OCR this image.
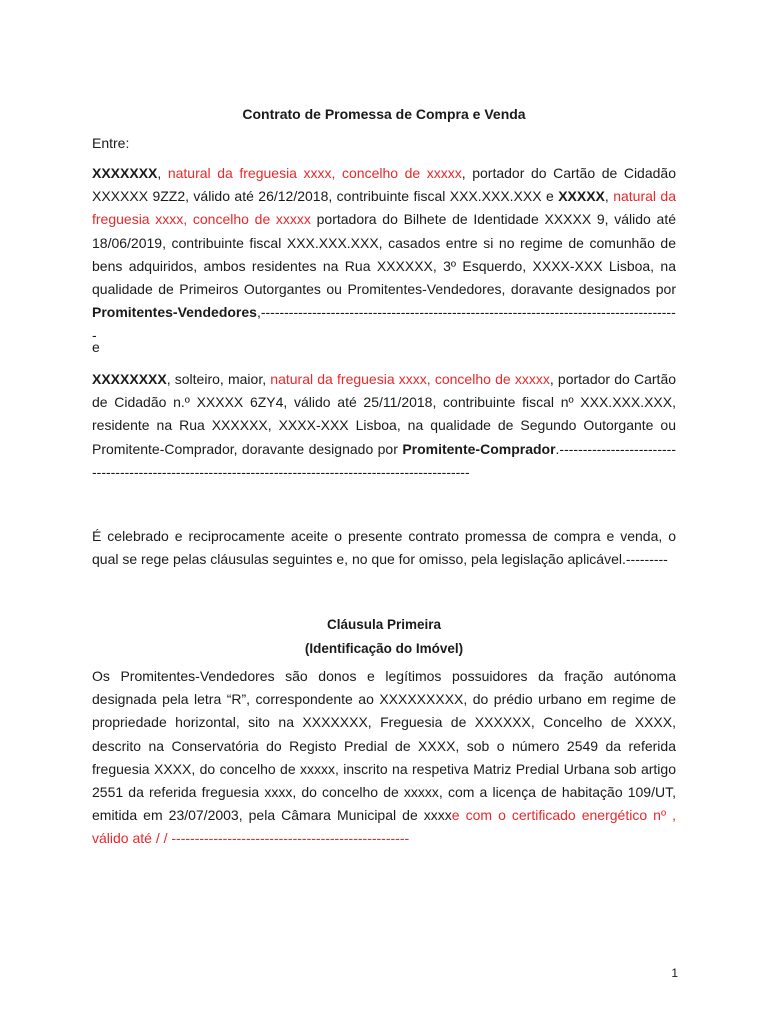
Contrato de Promessa de Compra e Venda
Entre:
XXXXXXX, natural da freguesia xxxx, concelho de xxxxx, portador do Cartão de Cidadão XXXXXX 9ZZ2, válido até 26/12/2018, contribuinte fiscal XXX.XXX.XXX e XXXXX, natural da freguesia xxxx, concelho de xxxxx portadora do Bilhete de Identidade XXXXX 9, válido até 18/06/2019, contribuinte fiscal XXX.XXX.XXX, casados entre si no regime de comunhão de bens adquiridos, ambos residentes na Rua XXXXXX, 3º Esquerdo, XXXX-XXX Lisboa, na qualidade de Primeiros Outorgantes ou Promitentes-Vendedores, doravante designados por Promitentes-Vendedores,------------------------------------------------------------------------------------------
e
XXXXXXXX, solteiro, maior, natural da freguesia xxxx, concelho de xxxxx, portador do Cartão de Cidadão n.º XXXXX 6ZY4, válido até 25/11/2018, contribuinte fiscal nº XXX.XXX.XXX, residente na Rua XXXXXX, XXXX-XXX Lisboa, na qualidade de Segundo Outorgante ou Promitente-Comprador, doravante designado por Promitente-Comprador.----------------------------------------------------------------------------------------------------------
É celebrado e reciprocamente aceite o presente contrato promessa de compra e venda, o qual se rege pelas cláusulas seguintes e, no que for omisso, pela legislação aplicável.---------
Cláusula Primeira
(Identificação do Imóvel)
Os Promitentes-Vendedores são donos e legítimos possuidores da fração autónoma designada pela letra “R”, correspondente ao XXXXXXXXX, do prédio urbano em regime de propriedade horizontal, sito na XXXXXXX, Freguesia de XXXXXX, Concelho de XXXX, descrito na Conservatória do Registo Predial de XXXX, sob o número 2549 da referida freguesia XXXX, do concelho de xxxxx, inscrito na respetiva Matriz Predial Urbana sob artigo 2551 da referida freguesia xxxx, do concelho de xxxxx, com a licença de habitação 109/UT, emitida em 23/07/2003, pela Câmara Municipal de xxxxe com o certificado energético nº , válido até / / ---------------------------------------------------
1
